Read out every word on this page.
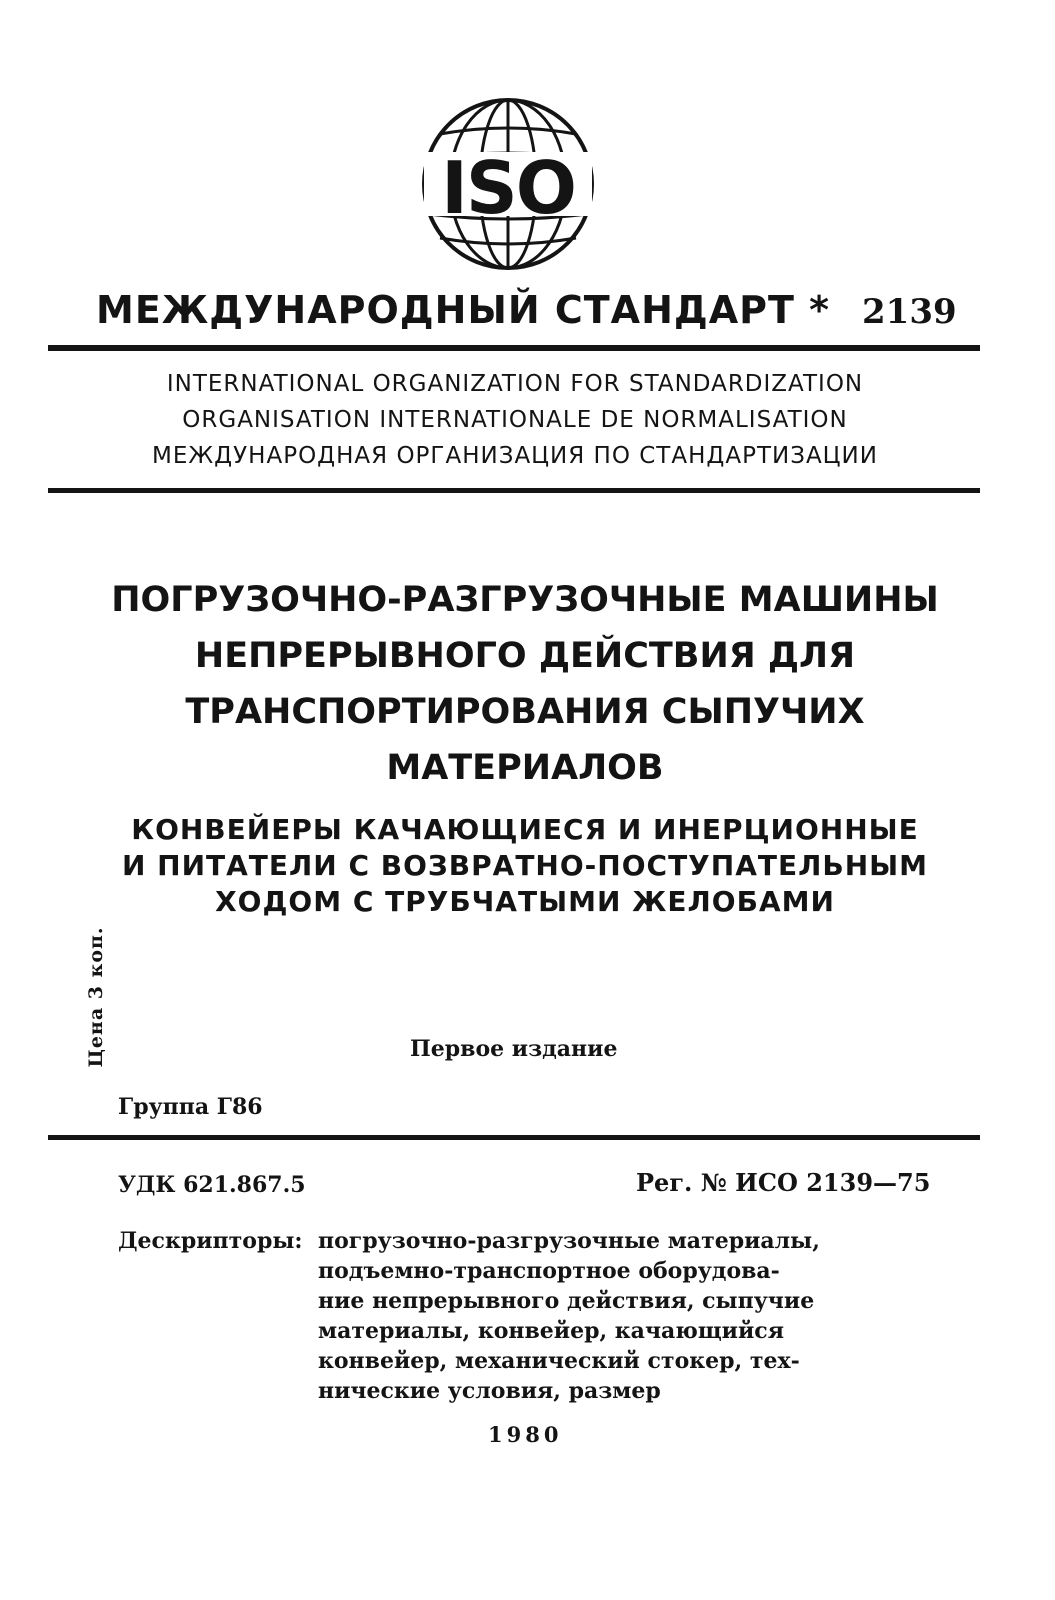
ISO
МЕЖДУНАРОДНЫЙ СТАНДАРТ * 2139
INTERNATIONAL ORGANIZATION FOR STANDARDIZATION
ORGANISATION INTERNATIONALE DE NORMALISATION
МЕЖДУНАРОДНАЯ ОРГАНИЗАЦИЯ ПО СТАНДАРТИЗАЦИИ
ПОГРУЗОЧНО-РАЗГРУЗОЧНЫЕ МАШИНЫ
НЕПРЕРЫВНОГО ДЕЙСТВИЯ ДЛЯ
ТРАНСПОРТИРОВАНИЯ СЫПУЧИХ
МАТЕРИАЛОВ
КОНВЕЙЕРЫ КАЧАЮЩИЕСЯ И ИНЕРЦИОННЫЕ
И ПИТАТЕЛИ С ВОЗВРАТНО-ПОСТУПАТЕЛЬНЫМ
ХОДОМ С ТРУБЧАТЫМИ ЖЕЛОБАМИ
Цена 3 коп.	Первое издание
Группа Г86
УДК 621.867.5	Рег. № ИСО 2139—75
Дескрипторы: погрузочно-разгрузочные материалы,
подъемно-транспортное оборудова-
ние непрерывного действия, сыпучие
материалы, конвейер, качающийся
конвейер, механический стокер, тех-
нические условия, размер
1980
